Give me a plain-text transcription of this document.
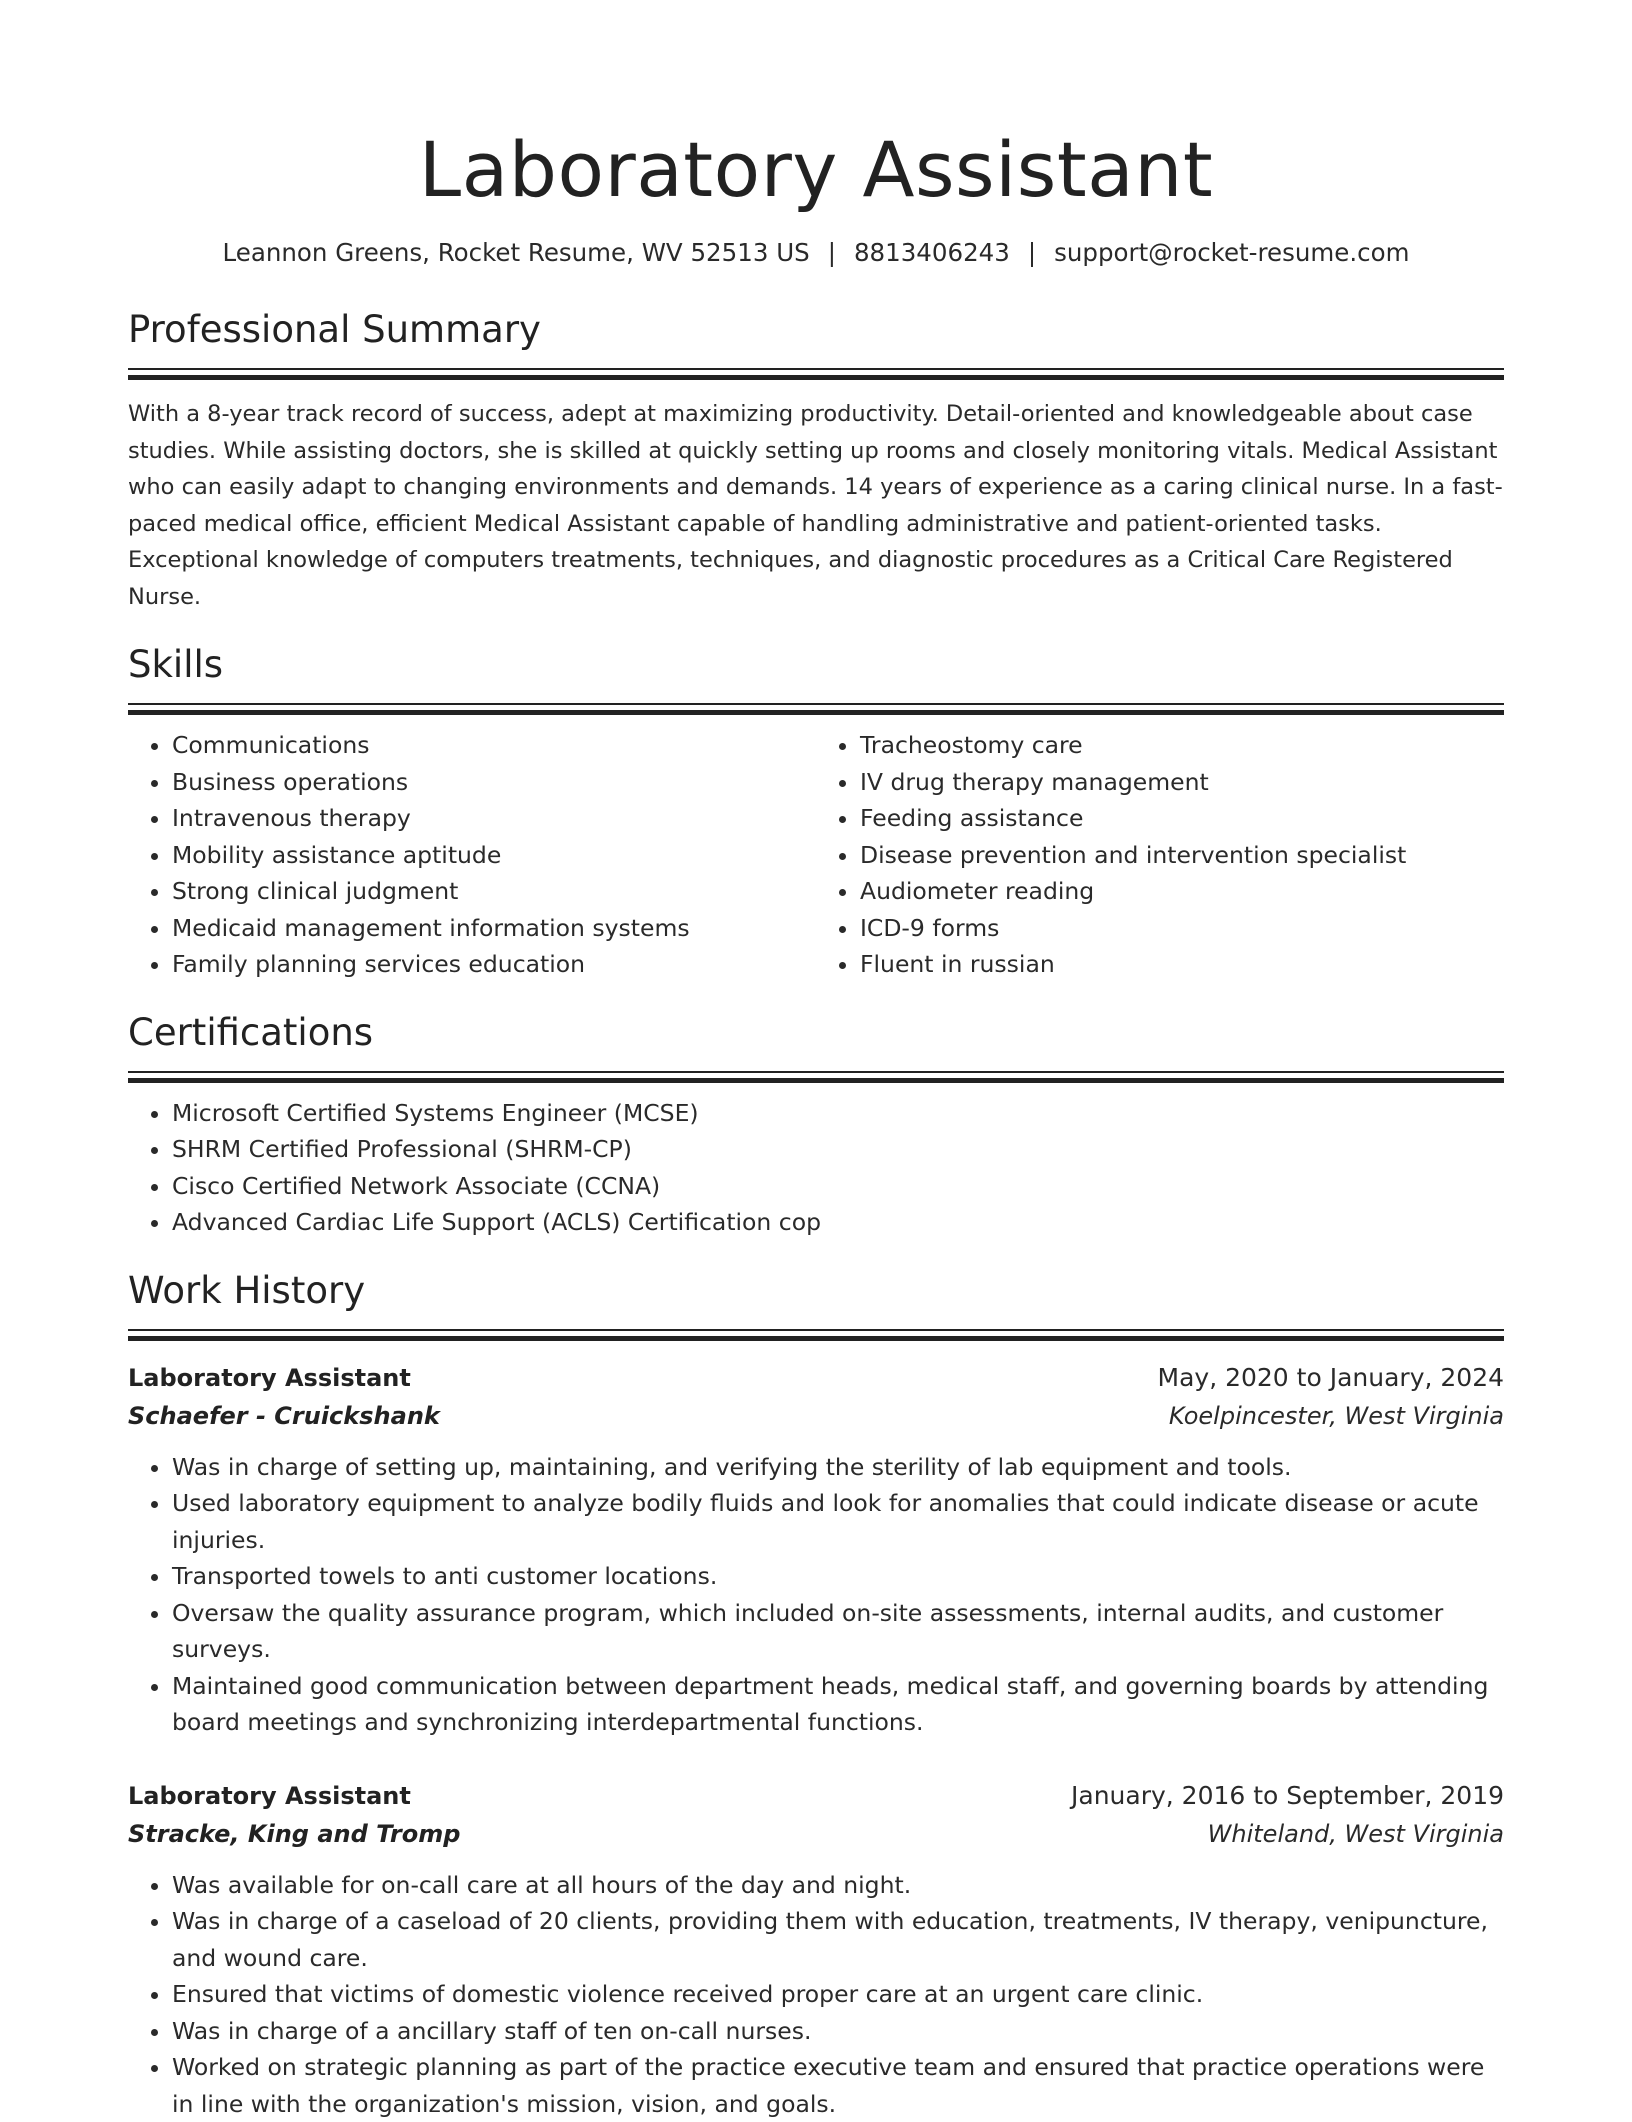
Laboratory Assistant
Leannon Greens, Rocket Resume, WV 52513 US | 8813406243 | support@rocket-resume.com
Professional Summary

With a 8-year track record of success, adept at maximizing productivity. Detail-oriented and knowledgeable about case studies. While assisting doctors, she is skilled at quickly setting up rooms and closely monitoring vitals. Medical Assistant who can easily adapt to changing environments and demands. 14 years of experience as a caring clinical nurse. In a fast-paced medical office, efficient Medical Assistant capable of handling administrative and patient-oriented tasks. Exceptional knowledge of computers treatments, techniques, and diagnostic procedures as a Critical Care Registered Nurse.

Skills
• Communications
• Business operations
• Intravenous therapy
• Mobility assistance aptitude
• Strong clinical judgment
• Medicaid management information systems
• Family planning services education
• Tracheostomy care
• IV drug therapy management
• Feeding assistance
• Disease prevention and intervention specialist
• Audiometer reading
• ICD-9 forms
• Fluent in russian
Certifications
• Microsoft Certified Systems Engineer (MCSE)
• SHRM Certified Professional (SHRM-CP)
• Cisco Certified Network Associate (CCNA)
• Advanced Cardiac Life Support (ACLS) Certification cop
Work History
Laboratory Assistant	May, 2020 to January, 2024
Schaefer - Cruickshank	Koelpincester, West Virginia
• Was in charge of setting up, maintaining, and verifying the sterility of lab equipment and tools.
• Used laboratory equipment to analyze bodily fluids and look for anomalies that could indicate disease or acute injuries.
• Transported towels to anti customer locations.
• Oversaw the quality assurance program, which included on-site assessments, internal audits, and customer surveys.
• Maintained good communication between department heads, medical staff, and governing boards by attending board meetings and synchronizing interdepartmental functions.
Laboratory Assistant	January, 2016 to September, 2019
Stracke, King and Tromp	Whiteland, West Virginia
• Was available for on-call care at all hours of the day and night.
• Was in charge of a caseload of 20 clients, providing them with education, treatments, IV therapy, venipuncture, and wound care.
• Ensured that victims of domestic violence received proper care at an urgent care clinic.
• Was in charge of a ancillary staff of ten on-call nurses.
• Worked on strategic planning as part of the practice executive team and ensured that practice operations were in line with the organization's mission, vision, and goals.
